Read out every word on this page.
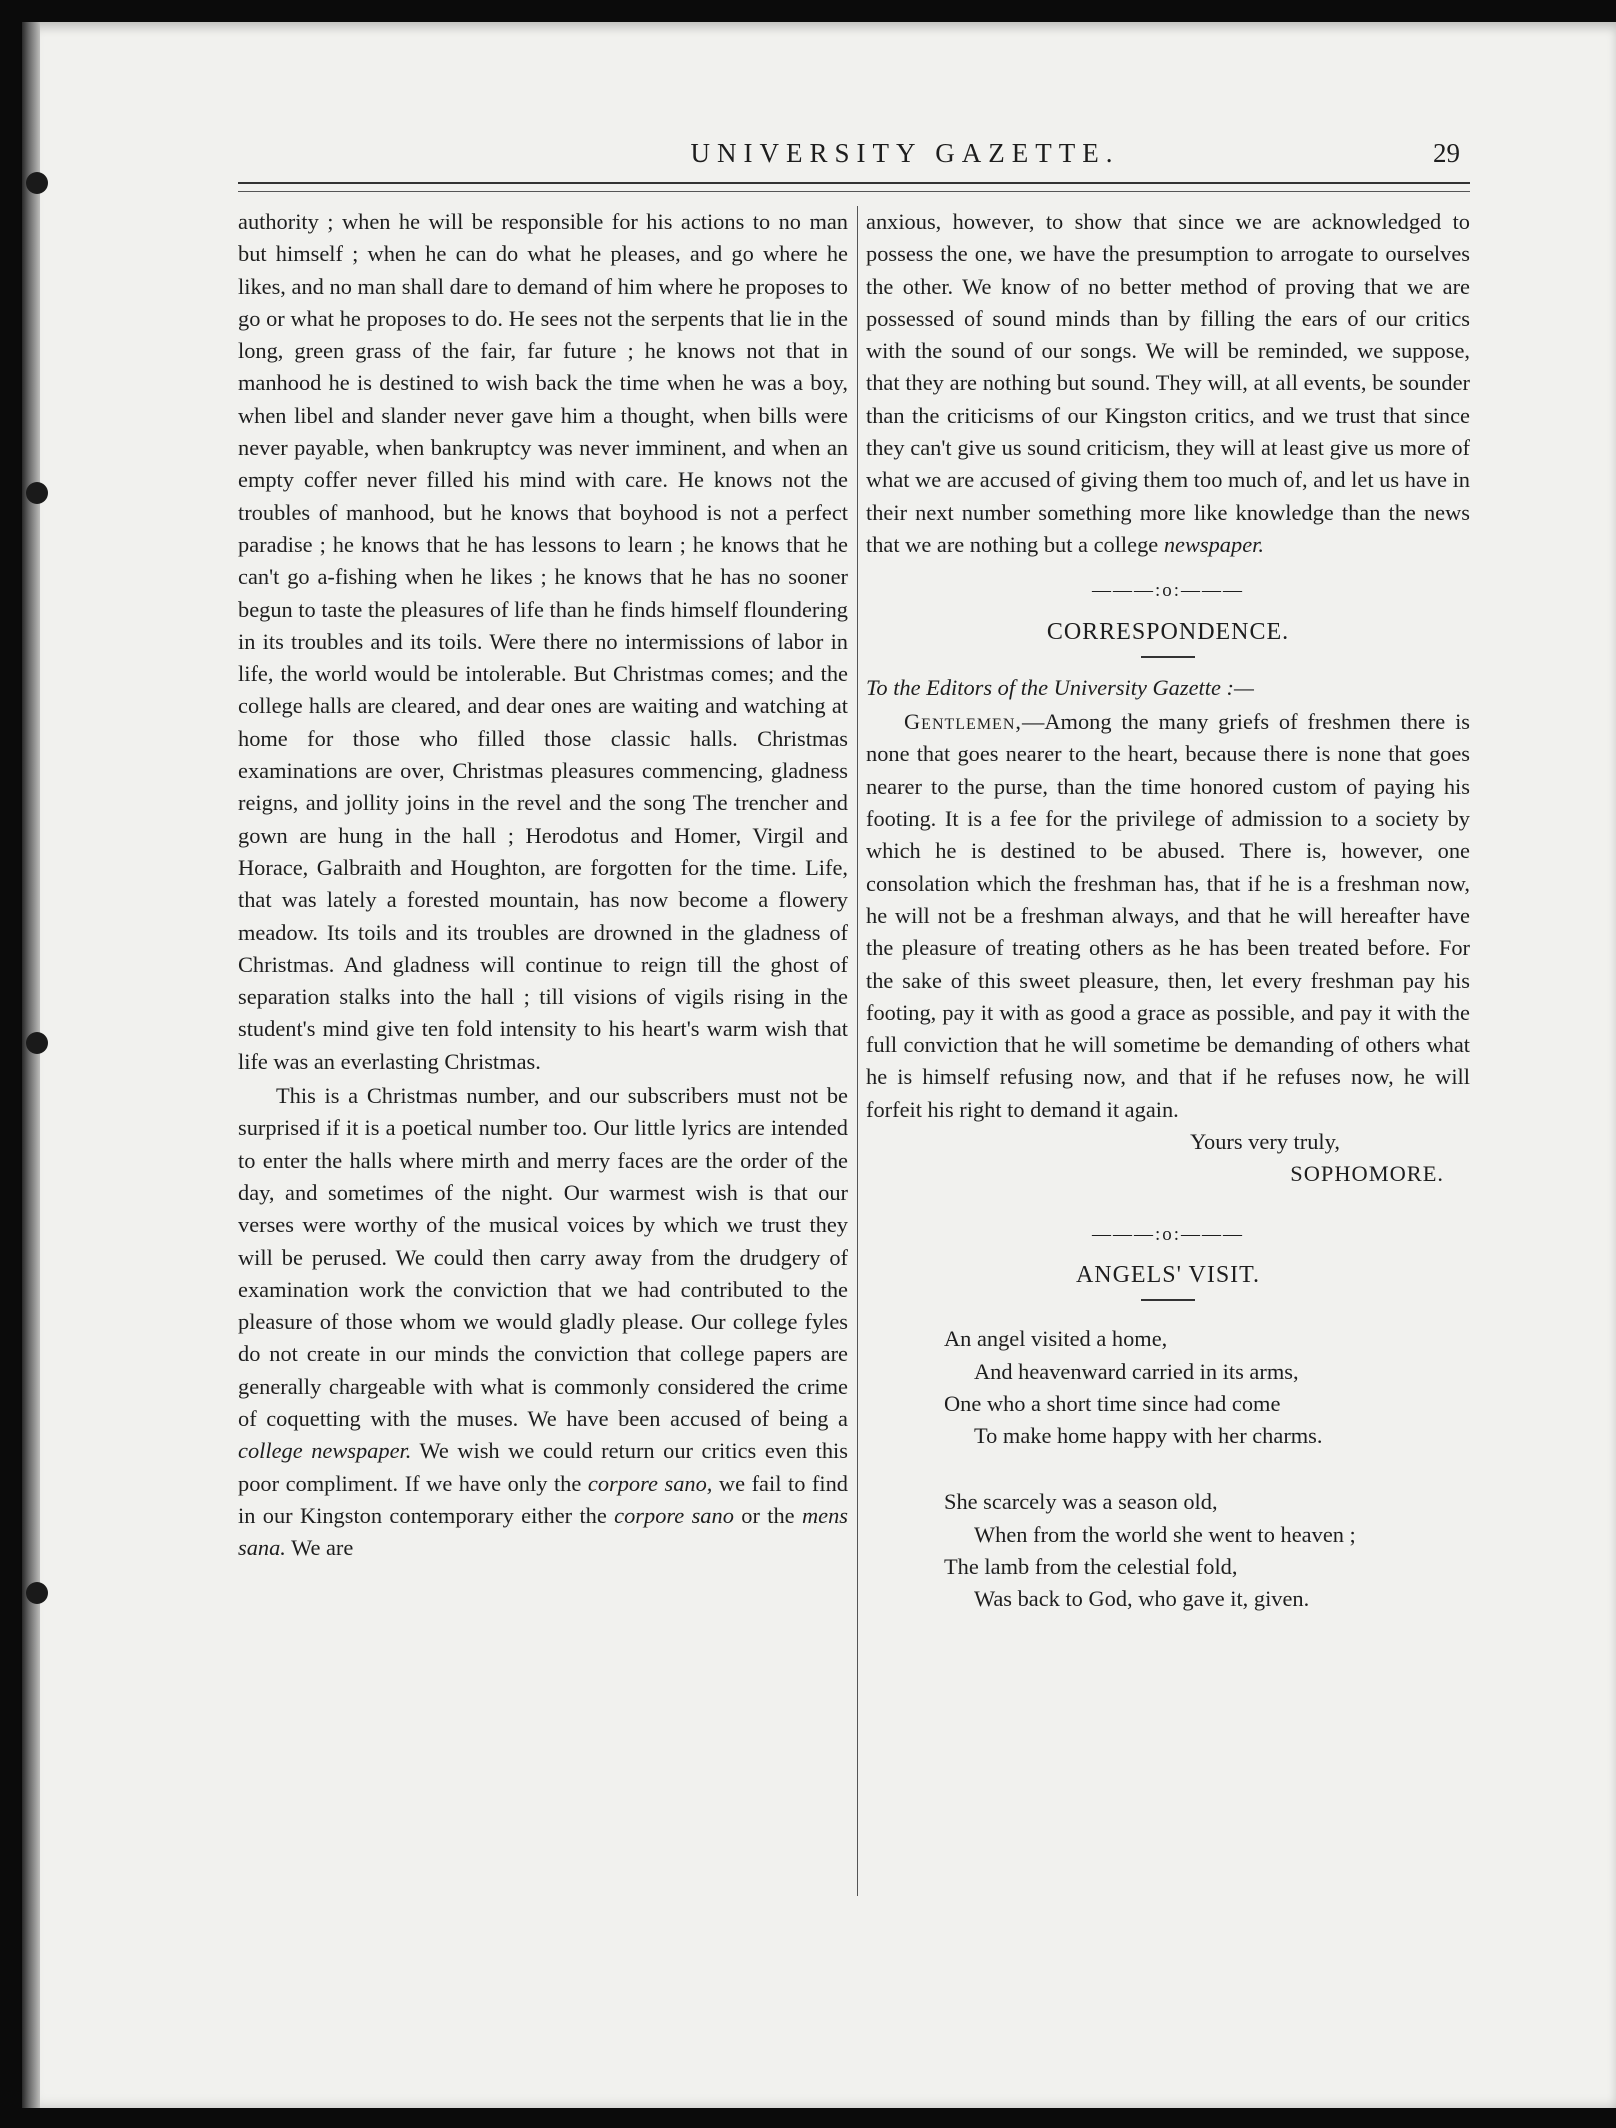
UNIVERSITY GAZETTE.	29

authority ; when he will be responsible for his actions to no man but himself ; when he can do what he pleases, and go where he likes, and no man shall dare to demand of him where he proposes to go or what he proposes to do. He sees not the serpents that lie in the long, green grass of the fair, far future ; he knows not that in manhood he is destined to wish back the time when he was a boy, when libel and slander never gave him a thought, when bills were never payable, when bankruptcy was never imminent, and when an empty coffer never filled his mind with care. He knows not the troubles of manhood, but he knows that boyhood is not a perfect paradise ; he knows that he has lessons to learn ; he knows that he can't go a-fishing when he likes ; he knows that he has no sooner begun to taste the pleasures of life than he finds himself floundering in its troubles and its toils. Were there no intermissions of labor in life, the world would be intolerable. But Christmas comes; and the college halls are cleared, and dear ones are waiting and watching at home for those who filled those classic halls. Christmas examinations are over, Christmas pleasures commencing, gladness reigns, and jollity joins in the revel and the song The trencher and gown are hung in the hall ; Herodotus and Homer, Virgil and Horace, Galbraith and Houghton, are forgotten for the time. Life, that was lately a forested mountain, has now become a flowery meadow. Its toils and its troubles are drowned in the gladness of Christmas. And gladness will continue to reign till the ghost of separation stalks into the hall ; till visions of vigils rising in the student's mind give ten fold intensity to his heart's warm wish that life was an everlasting Christmas.

This is a Christmas number, and our subscribers must not be surprised if it is a poetical number too. Our little lyrics are intended to enter the halls where mirth and merry faces are the order of the day, and sometimes of the night. Our warmest wish is that our verses were worthy of the musical voices by which we trust they will be perused. We could then carry away from the drudgery of examination work the conviction that we had contributed to the pleasure of those whom we would gladly please. Our college fyles do not create in our minds the conviction that college papers are generally chargeable with what is commonly considered the crime of coquetting with the muses. We have been accused of being a college newspaper. We wish we could return our critics even this poor compliment. If we have only the corpore sano, we fail to find in our Kingston contemporary either the corpore sano or the mens sana. We are

anxious, however, to show that since we are acknowledged to possess the one, we have the presumption to arrogate to ourselves the other. We know of no better method of proving that we are possessed of sound minds than by filling the ears of our critics with the sound of our songs. We will be reminded, we suppose, that they are nothing but sound. They will, at all events, be sounder than the criticisms of our Kingston critics, and we trust that since they can't give us sound criticism, they will at least give us more of what we are accused of giving them too much of, and let us have in their next number something more like knowledge than the news that we are nothing but a college newspaper.

———:o:———
CORRESPONDENCE.

To the Editors of the University Gazette :—

Gentlemen,—Among the many griefs of freshmen there is none that goes nearer to the heart, because there is none that goes nearer to the purse, than the time honored custom of paying his footing. It is a fee for the privilege of admission to a society by which he is destined to be abused. There is, however, one consolation which the freshman has, that if he is a freshman now, he will not be a freshman always, and that he will hereafter have the pleasure of treating others as he has been treated before. For the sake of this sweet pleasure, then, let every freshman pay his footing, pay it with as good a grace as possible, and pay it with the full conviction that he will sometime be demanding of others what he is himself refusing now, and that if he refuses now, he will forfeit his right to demand it again.

Yours very truly,

SOPHOMORE.

———:o:———
ANGELS' VISIT.
An angel visited a home,
And heavenward carried in its arms,
One who a short time since had come
To make home happy with her charms.
She scarcely was a season old,
When from the world she went to heaven ;
The lamb from the celestial fold,
Was back to God, who gave it, given.
